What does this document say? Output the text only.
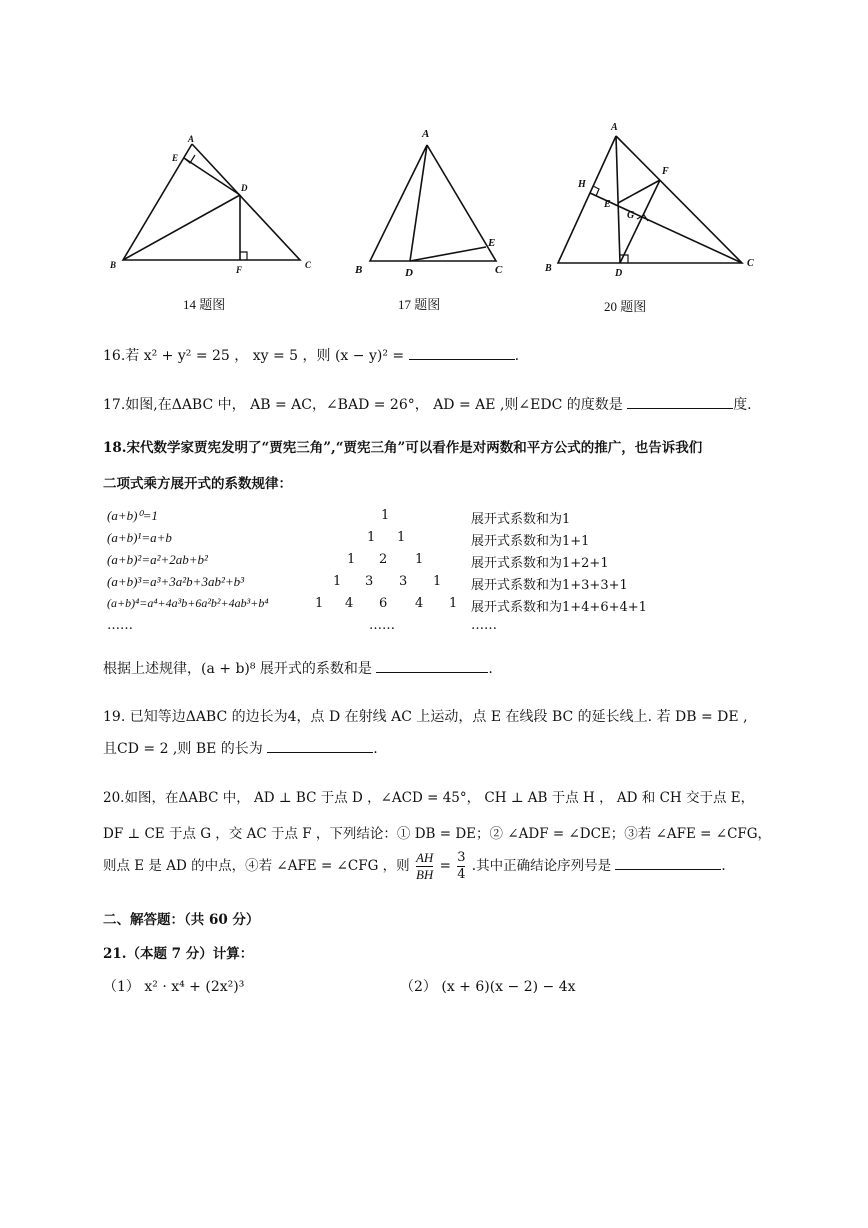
A
E
D
B	F	C
14 题图
A
E
B	D	C
17 题图
A
H
F
E
G
B	D
C
20 题图
16.若 x² + y² = 25 ， xy = 5 ，则 (x − y)² =	.
17.如图,在ΔABC 中， AB = AC，∠BAD = 26°， AD = AE ,则∠EDC 的度数是	度.
18.宋代数学家贾宪发明了“贾宪三角”,“贾宪三角”可以看作是对两数和平方公式的推广，也告诉我们
二项式乘方展开式的系数规律：
(a+b)⁰=1	1	展开式系数和为1
(a+b)¹=a+b	1 1	展开式系数和为1+1
(a+b)²=a²+2ab+b²	1 2 1	展开式系数和为1+2+1
(a+b)³=a³+3a²b+3ab²+b³	1 3 3 1 展开式系数和为1+3+3+1
(a+b)⁴=a⁴+4a³b+6a²b²+4ab³+b⁴	1 4 6 4 1 展开式系数和为1+4+6+4+1
……	……	……
根据上述规律，(a + b)⁸ 展开式的系数和是	.
19. 已知等边ΔABC 的边长为4，点 D 在射线 AC 上运动，点 E 在线段 BC 的延长线上. 若 DB = DE ,
且CD = 2 ,则 BE 的长为	.
20.如图，在ΔABC 中， AD ⊥ BC 于点 D ，∠ACD = 45°， CH ⊥ AB 于点 H ， AD 和 CH 交于点 E，
DF ⊥ CE 于点 G ，交 AC 于点 F ，下列结论：① DB = DE；② ∠ADF = ∠DCE；③若 ∠AFE = ∠CFG，
则点 E 是 AD 的中点，④若 ∠AFE = ∠CFG ，则 $\frac{AH}{BH} = \frac{3}{4}$ .其中正确结论序列号是	.
二、解答题：（共 60 分）
21.（本题 7 分）计算：
（1） x² · x⁴ + (2x²)³	（2） (x + 6)(x − 2) − 4x
